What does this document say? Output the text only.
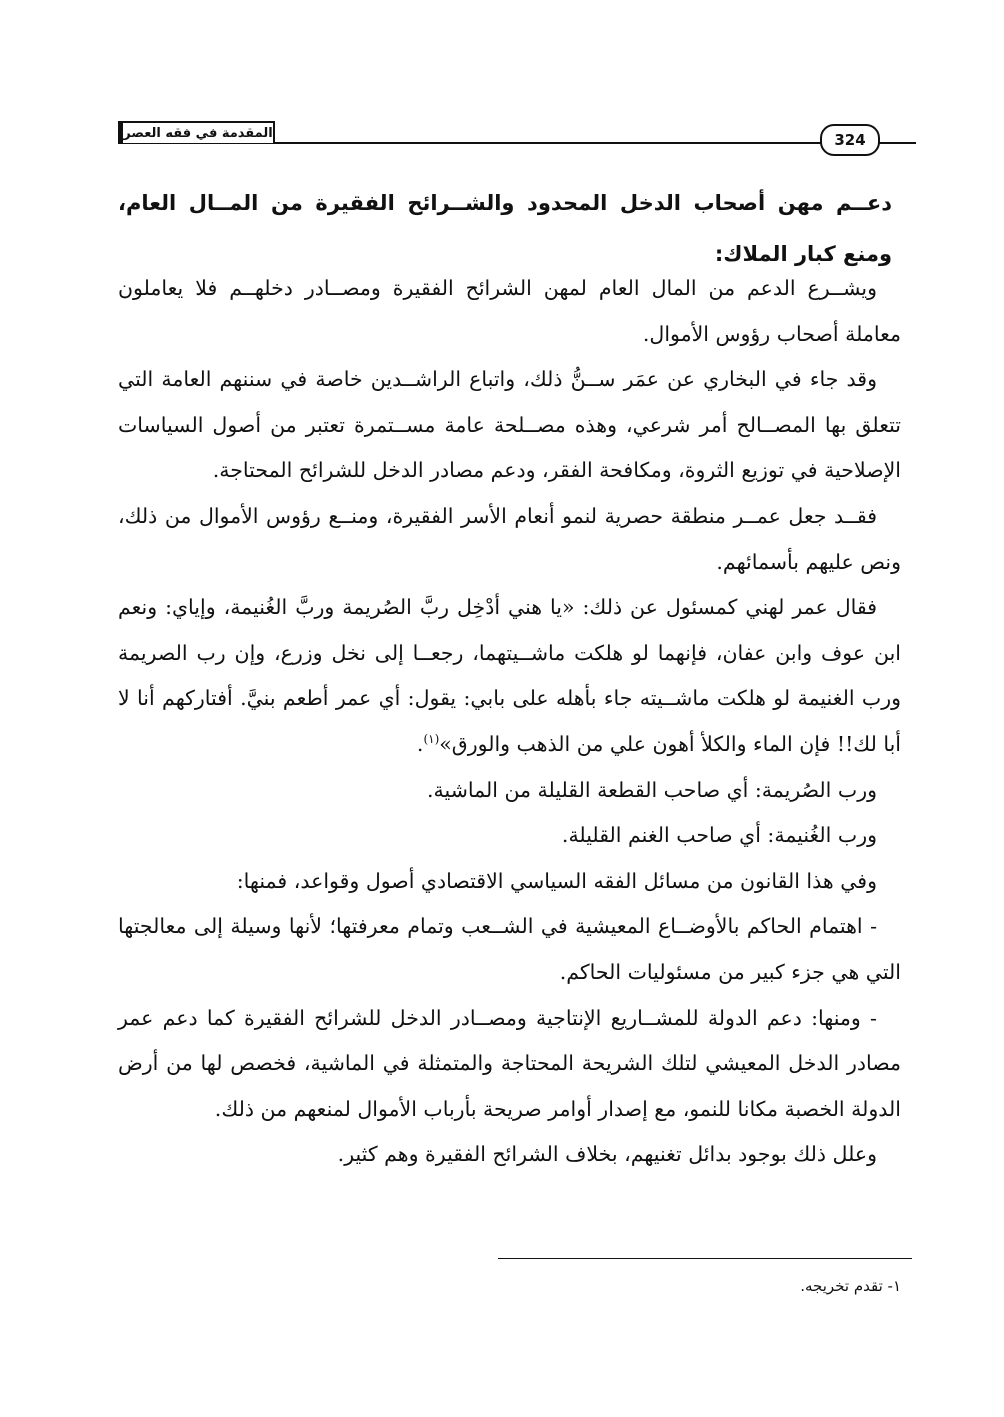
المقدمة في فقه العصر	324
دعــم مهن أصحاب الدخل المحدود والشــرائح الفقيرة من المــال العام، ومنع كبار الملاك:

ويشــرع الدعم من المال العام لمهن الشرائح الفقيرة ومصــادر دخلهــم فلا يعاملون معاملة أصحاب رؤوس الأموال.

وقد جاء في البخاري عن عمَر ســنُّ ذلك، واتباع الراشــدين خاصة في سننهم العامة التي تتعلق بها المصــالح أمر شرعي، وهذه مصــلحة عامة مســتمرة تعتبر من أصول السياسات الإصلاحية في توزيع الثروة، ومكافحة الفقر، ودعم مصادر الدخل للشرائح المحتاجة.

فقــد جعل عمــر منطقة حصرية لنمو أنعام الأسر الفقيرة، ومنــع رؤوس الأموال من ذلك، ونص عليهم بأسمائهم.

فقال عمر لهني كمسئول عن ذلك: «يا هني أدْخِل ربَّ الصُريمة وربَّ الغُنيمة، وإياي: ونعم ابن عوف وابن عفان، فإنهما لو هلكت ماشــيتهما، رجعــا إلى نخل وزرع، وإن رب الصريمة ورب الغنيمة لو هلكت ماشــيته جاء بأهله على بابي: يقول: أي عمر أطعم بنيَّ. أفتاركهم أنا لا أبا لك!! فإن الماء والكلأ أهون علي من الذهب والورق»$^{(١)}$.

ورب الصُريمة: أي صاحب القطعة القليلة من الماشية.

ورب الغُنيمة: أي صاحب الغنم القليلة.

وفي هذا القانون من مسائل الفقه السياسي الاقتصادي أصول وقواعد، فمنها:

- اهتمام الحاكم بالأوضــاع المعيشية في الشــعب وتمام معرفتها؛ لأنها وسيلة إلى معالجتها التي هي جزء كبير من مسئوليات الحاكم.

- ومنها: دعم الدولة للمشــاريع الإنتاجية ومصــادر الدخل للشرائح الفقيرة كما دعم عمر مصادر الدخل المعيشي لتلك الشريحة المحتاجة والمتمثلة في الماشية، فخصص لها من أرض الدولة الخصبة مكانا للنمو، مع إصدار أوامر صريحة بأرباب الأموال لمنعهم من ذلك.

وعلل ذلك بوجود بدائل تغنيهم، بخلاف الشرائح الفقيرة وهم كثير.

١- تقدم تخريجه.
